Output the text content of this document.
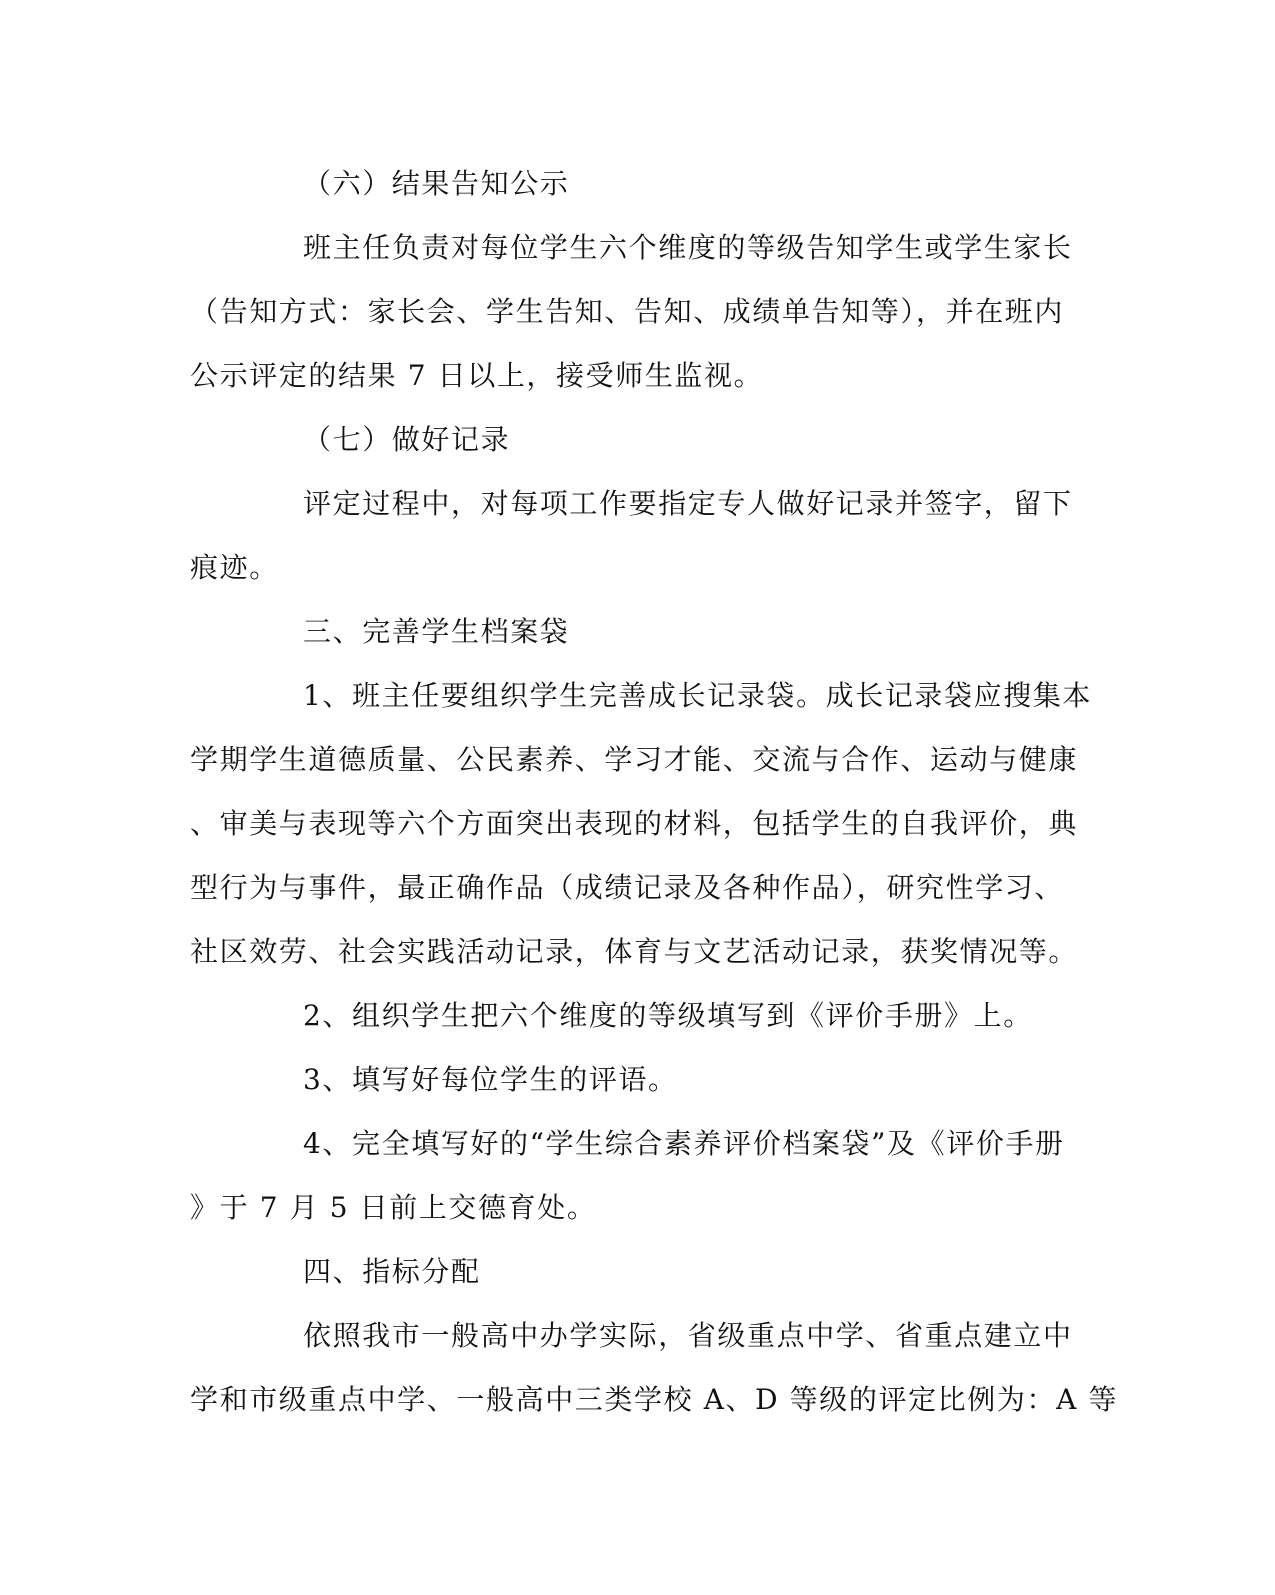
（六）结果告知公示
班主任负责对每位学生六个维度的等级告知学生或学生家长
（告知方式：家长会、学生告知、告知、成绩单告知等），并在班内
公示评定的结果 7 日以上，接受师生监视。
（七）做好记录
评定过程中，对每项工作要指定专人做好记录并签字，留下
痕迹。
三、完善学生档案袋
1、班主任要组织学生完善成长记录袋。成长记录袋应搜集本
学期学生道德质量、公民素养、学习才能、交流与合作、运动与健康
、审美与表现等六个方面突出表现的材料，包括学生的自我评价，典
型行为与事件，最正确作品（成绩记录及各种作品），研究性学习、
社区效劳、社会实践活动记录，体育与文艺活动记录，获奖情况等。
2、组织学生把六个维度的等级填写到《评价手册》上。
3、填写好每位学生的评语。
4、完全填写好的“学生综合素养评价档案袋”及《评价手册
》于 7 月 5 日前上交德育处。
四、指标分配
依照我市一般高中办学实际，省级重点中学、省重点建立中
学和市级重点中学、一般高中三类学校 A、D 等级的评定比例为：A 等
